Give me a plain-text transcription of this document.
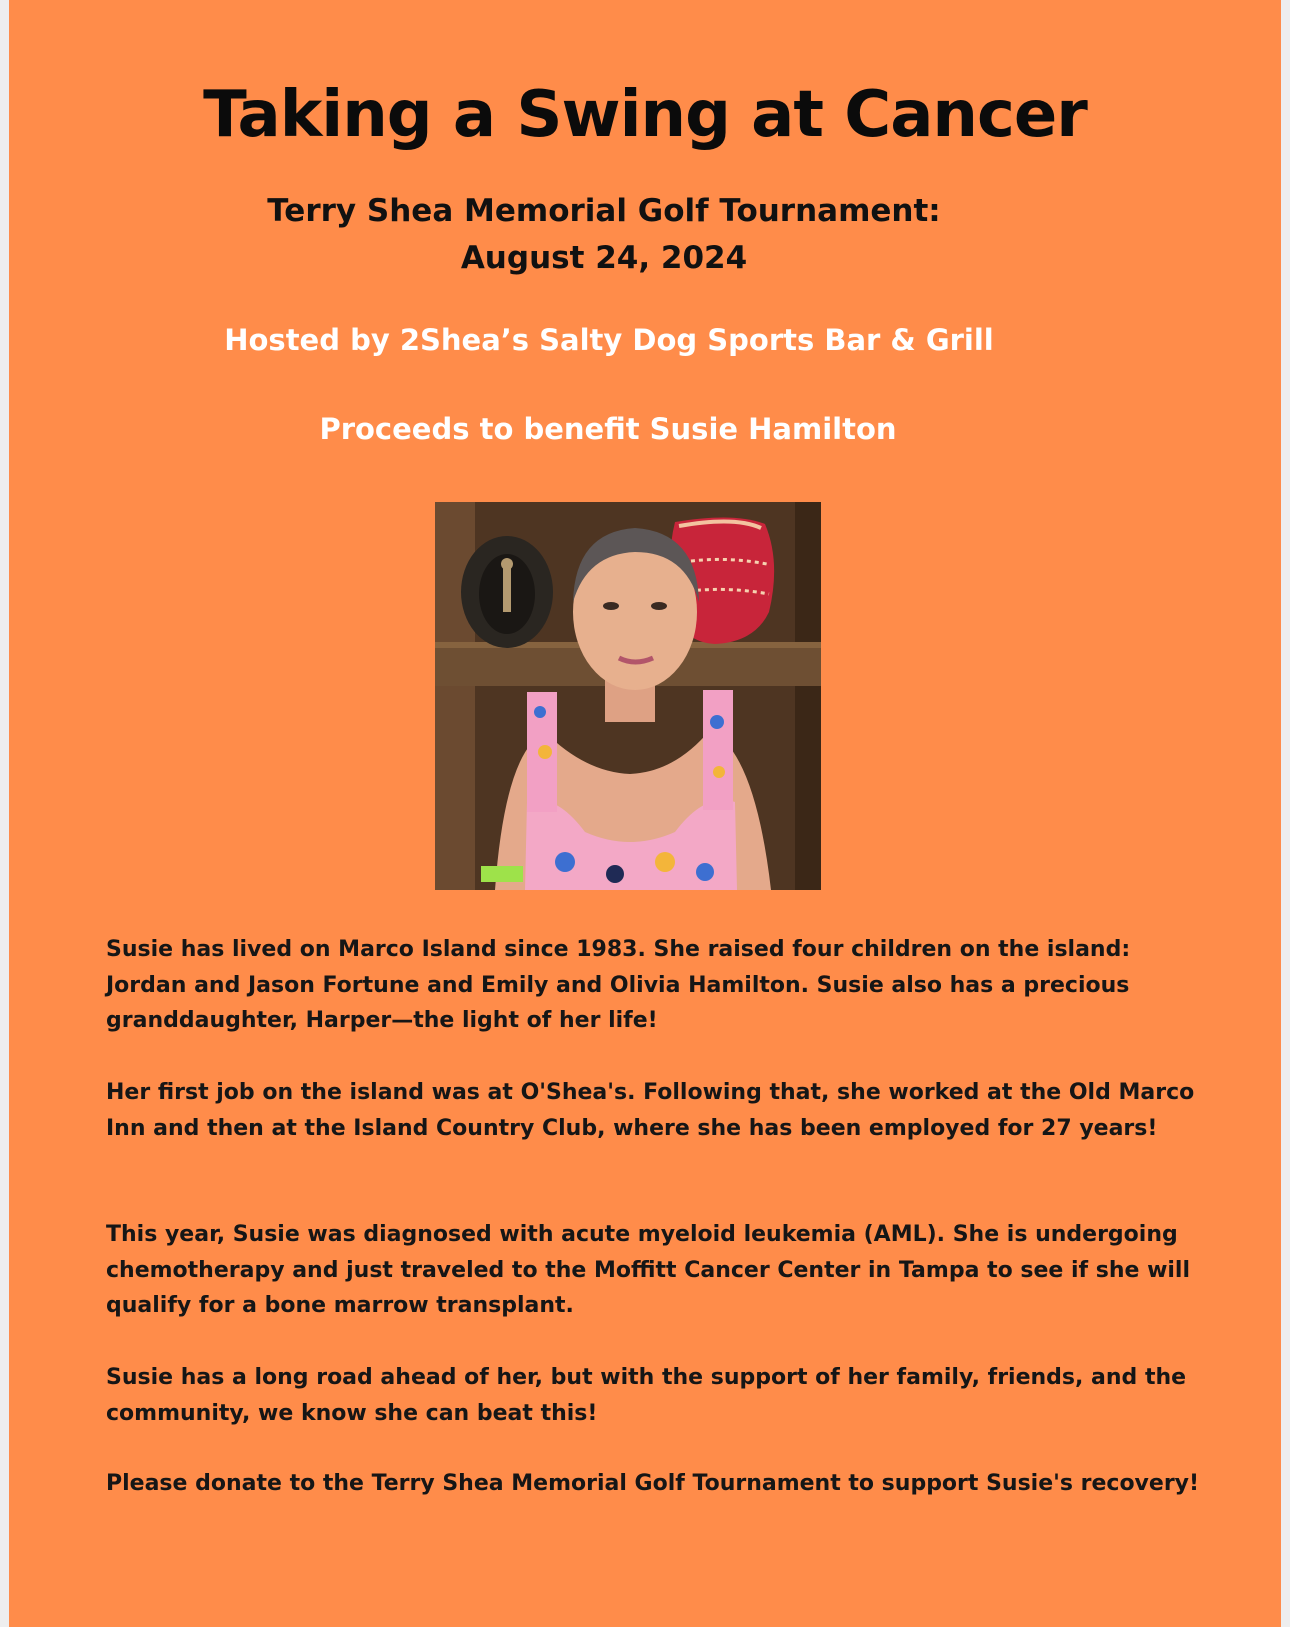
Taking a Swing at Cancer
Terry Shea Memorial Golf Tournament:
August 24, 2024
Hosted by 2Shea’s Salty Dog Sports Bar & Grill
Proceeds to benefit Susie Hamilton

Susie has lived on Marco Island since 1983. She raised four children on the island: Jordan and Jason Fortune and Emily and Olivia Hamilton. Susie also has a precious granddaughter, Harper—the light of her life!

Her first job on the island was at O'Shea's. Following that, she worked at the Old Marco Inn and then at the Island Country Club, where she has been employed for 27 years!

This year, Susie was diagnosed with acute myeloid leukemia (AML). She is undergoing chemotherapy and just traveled to the Moffitt Cancer Center in Tampa to see if she will qualify for a bone marrow transplant.

Susie has a long road ahead of her, but with the support of her family, friends, and the community, we know she can beat this!

Please donate to the Terry Shea Memorial Golf Tournament to support Susie's recovery!
